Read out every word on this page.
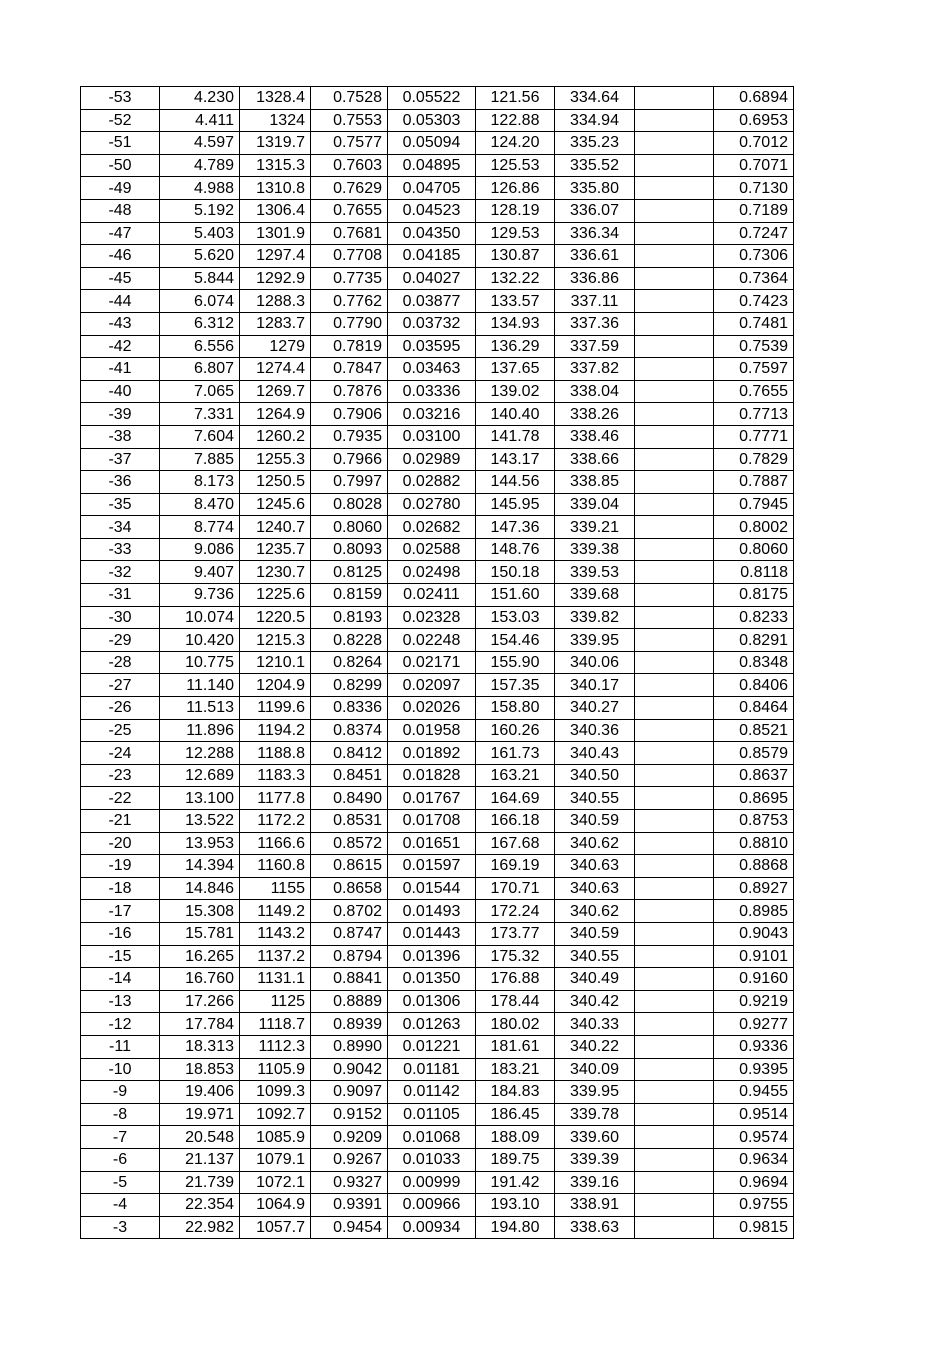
-53	4.230	1328.4	0.7528	0.05522	121.56	334.64		0.6894
-52	4.411	1324	0.7553	0.05303	122.88	334.94		0.6953
-51	4.597	1319.7	0.7577	0.05094	124.20	335.23		0.7012
-50	4.789	1315.3	0.7603	0.04895	125.53	335.52		0.7071
-49	4.988	1310.8	0.7629	0.04705	126.86	335.80		0.7130
-48	5.192	1306.4	0.7655	0.04523	128.19	336.07		0.7189
-47	5.403	1301.9	0.7681	0.04350	129.53	336.34		0.7247
-46	5.620	1297.4	0.7708	0.04185	130.87	336.61		0.7306
-45	5.844	1292.9	0.7735	0.04027	132.22	336.86		0.7364
-44	6.074	1288.3	0.7762	0.03877	133.57	337.11		0.7423
-43	6.312	1283.7	0.7790	0.03732	134.93	337.36		0.7481
-42	6.556	1279	0.7819	0.03595	136.29	337.59		0.7539
-41	6.807	1274.4	0.7847	0.03463	137.65	337.82		0.7597
-40	7.065	1269.7	0.7876	0.03336	139.02	338.04		0.7655
-39	7.331	1264.9	0.7906	0.03216	140.40	338.26		0.7713
-38	7.604	1260.2	0.7935	0.03100	141.78	338.46		0.7771
-37	7.885	1255.3	0.7966	0.02989	143.17	338.66		0.7829
-36	8.173	1250.5	0.7997	0.02882	144.56	338.85		0.7887
-35	8.470	1245.6	0.8028	0.02780	145.95	339.04		0.7945
-34	8.774	1240.7	0.8060	0.02682	147.36	339.21		0.8002
-33	9.086	1235.7	0.8093	0.02588	148.76	339.38		0.8060
-32	9.407	1230.7	0.8125	0.02498	150.18	339.53		0.8118
-31	9.736	1225.6	0.8159	0.02411	151.60	339.68		0.8175
-30	10.074	1220.5	0.8193	0.02328	153.03	339.82		0.8233
-29	10.420	1215.3	0.8228	0.02248	154.46	339.95		0.8291
-28	10.775	1210.1	0.8264	0.02171	155.90	340.06		0.8348
-27	11.140	1204.9	0.8299	0.02097	157.35	340.17		0.8406
-26	11.513	1199.6	0.8336	0.02026	158.80	340.27		0.8464
-25	11.896	1194.2	0.8374	0.01958	160.26	340.36		0.8521
-24	12.288	1188.8	0.8412	0.01892	161.73	340.43		0.8579
-23	12.689	1183.3	0.8451	0.01828	163.21	340.50		0.8637
-22	13.100	1177.8	0.8490	0.01767	164.69	340.55		0.8695
-21	13.522	1172.2	0.8531	0.01708	166.18	340.59		0.8753
-20	13.953	1166.6	0.8572	0.01651	167.68	340.62		0.8810
-19	14.394	1160.8	0.8615	0.01597	169.19	340.63		0.8868
-18	14.846	1155	0.8658	0.01544	170.71	340.63		0.8927
-17	15.308	1149.2	0.8702	0.01493	172.24	340.62		0.8985
-16	15.781	1143.2	0.8747	0.01443	173.77	340.59		0.9043
-15	16.265	1137.2	0.8794	0.01396	175.32	340.55		0.9101
-14	16.760	1131.1	0.8841	0.01350	176.88	340.49		0.9160
-13	17.266	1125	0.8889	0.01306	178.44	340.42		0.9219
-12	17.784	1118.7	0.8939	0.01263	180.02	340.33		0.9277
-11	18.313	1112.3	0.8990	0.01221	181.61	340.22		0.9336
-10	18.853	1105.9	0.9042	0.01181	183.21	340.09		0.9395
-9	19.406	1099.3	0.9097	0.01142	184.83	339.95		0.9455
-8	19.971	1092.7	0.9152	0.01105	186.45	339.78		0.9514
-7	20.548	1085.9	0.9209	0.01068	188.09	339.60		0.9574
-6	21.137	1079.1	0.9267	0.01033	189.75	339.39		0.9634
-5	21.739	1072.1	0.9327	0.00999	191.42	339.16		0.9694
-4	22.354	1064.9	0.9391	0.00966	193.10	338.91		0.9755
-3	22.982	1057.7	0.9454	0.00934	194.80	338.63		0.9815
